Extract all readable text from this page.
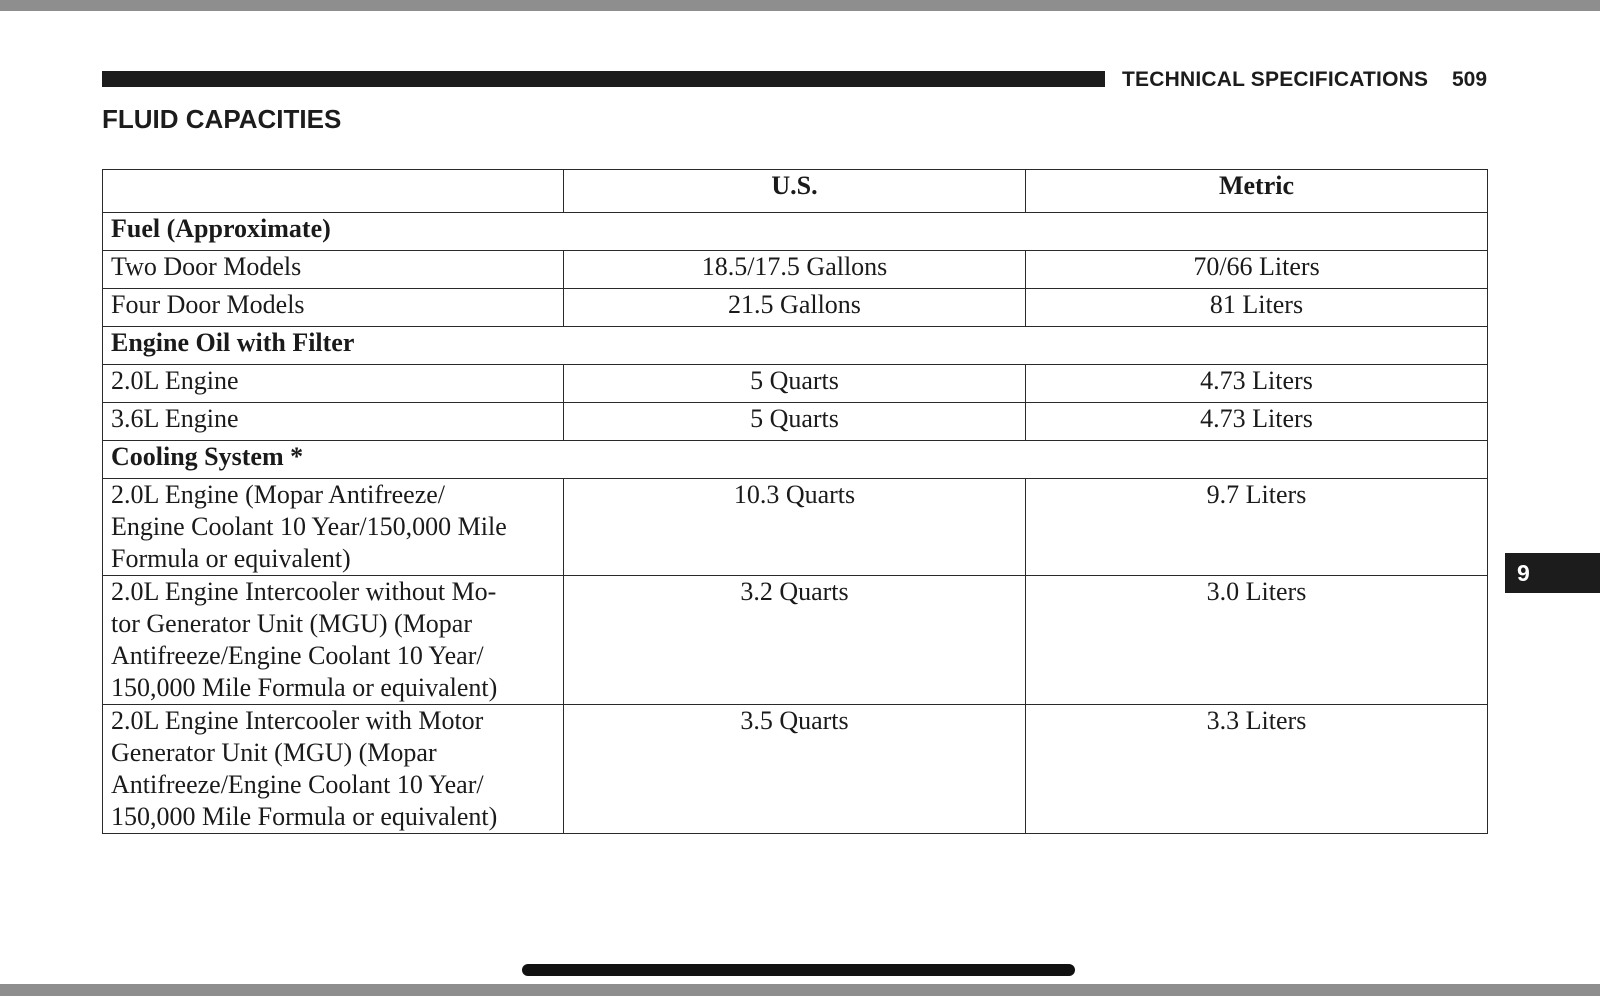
TECHNICAL SPECIFICATIONS 509
FLUID CAPACITIES
	U.S.	Metric
Fuel (Approximate)		
Two Door Models	18.5/17.5 Gallons	70/66 Liters
Four Door Models	21.5 Gallons	81 Liters
Engine Oil with Filter		
2.0L Engine	5 Quarts	4.73 Liters
3.6L Engine	5 Quarts	4.73 Liters
Cooling System *		

2.0L Engine (Mopar Antifreeze/
Engine Coolant 10 Year/150,000 Mile
Formula or equivalent)	10.3 Quarts	9.7 Liters

2.0L Engine Intercooler without Mo-
tor Generator Unit (MGU) (Mopar
Antifreeze/Engine Coolant 10 Year/
150,000 Mile Formula or equivalent)	3.2 Quarts	3.0 Liters

2.0L Engine Intercooler with Motor
Generator Unit (MGU) (Mopar
Antifreeze/Engine Coolant 10 Year/
150,000 Mile Formula or equivalent)	3.5 Quarts	3.3 Liters
9
